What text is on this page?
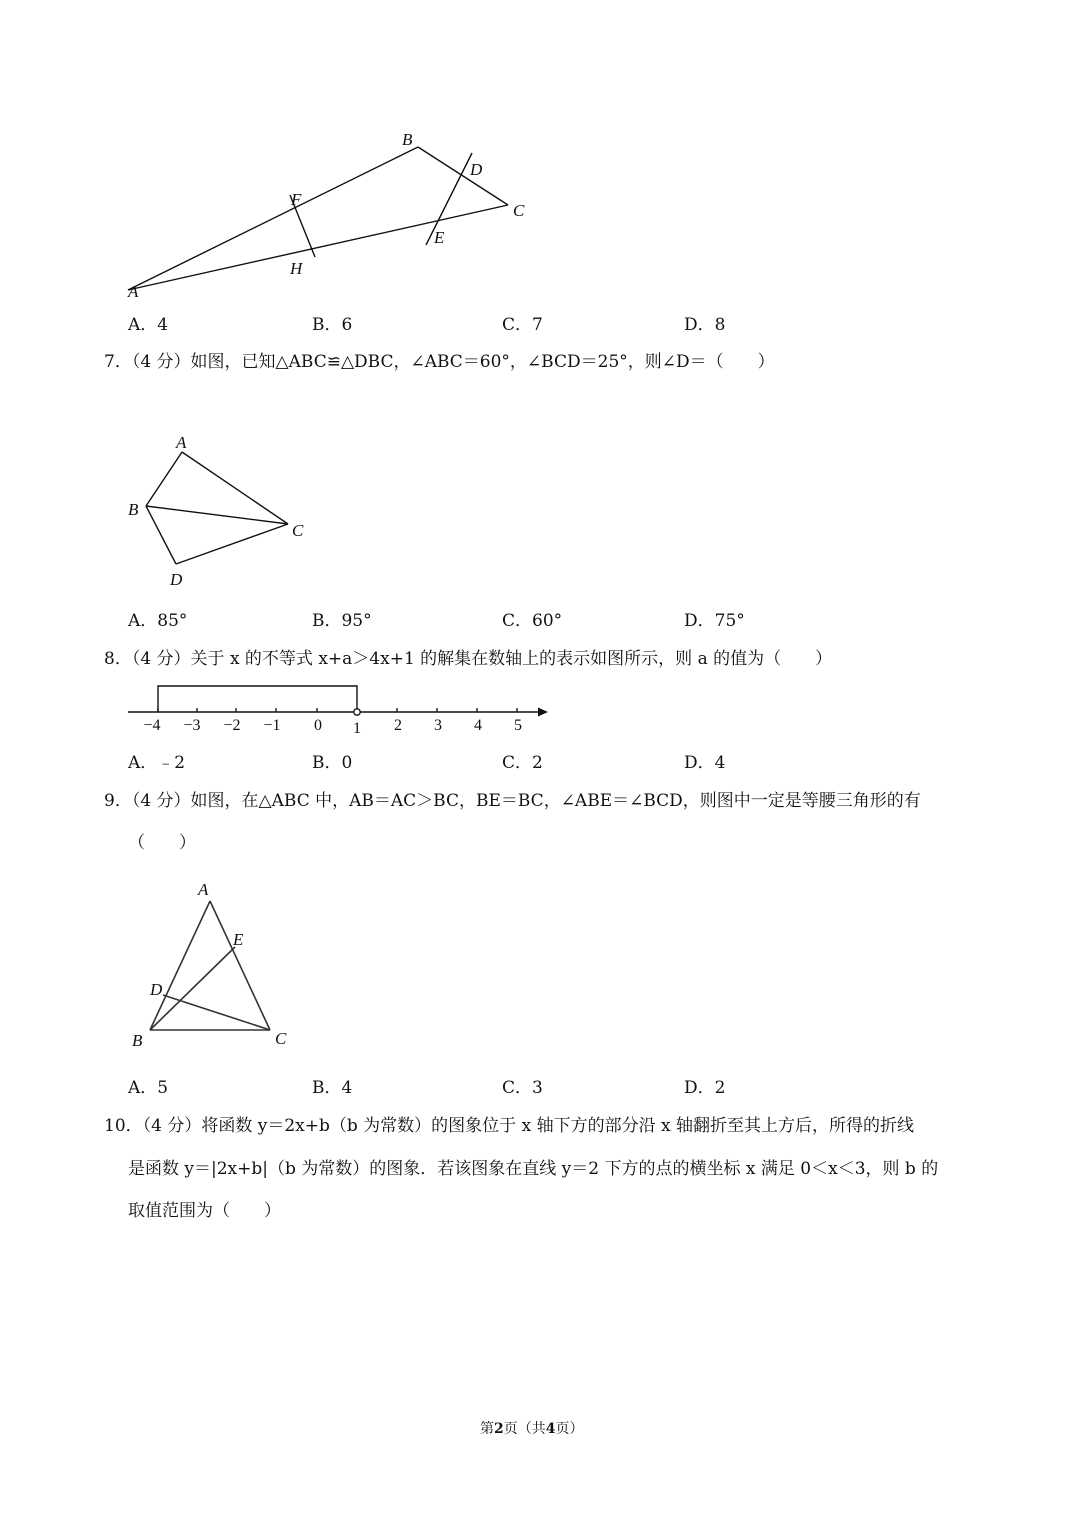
A
B
C
D
E
F
H
A．4	B．6	C．7	D．8
7．（4 分）如图，已知△ABC≌△DBC，∠ABC＝60°，∠BCD＝25°，则∠D＝（　　）
A
B
C
D
A．85°	B．95°	C．60°	D．75°
8．（4 分）关于 x 的不等式 x+a＞4x+1 的解集在数轴上的表示如图所示，则 a 的值为（　　）
−4 −3 −2 −1 0 1 2 3 4 5
A．﹣2	B．0	C．2	D．4
9．（4 分）如图，在△ABC 中，AB＝AC＞BC，BE＝BC，∠ABE＝∠BCD，则图中一定是等腰三角形的有
（　　）
A
B	C
D
E
A．5	B．4	C．3	D．2
10．（4 分）将函数 y＝2x+b（b 为常数）的图象位于 x 轴下方的部分沿 x 轴翻折至其上方后，所得的折线
是函数 y＝|2x+b|（b 为常数）的图象．若该图象在直线 y＝2 下方的点的横坐标 x 满足 0＜x＜3，则 b 的
取值范围为（　　）
第2页（共4页）
